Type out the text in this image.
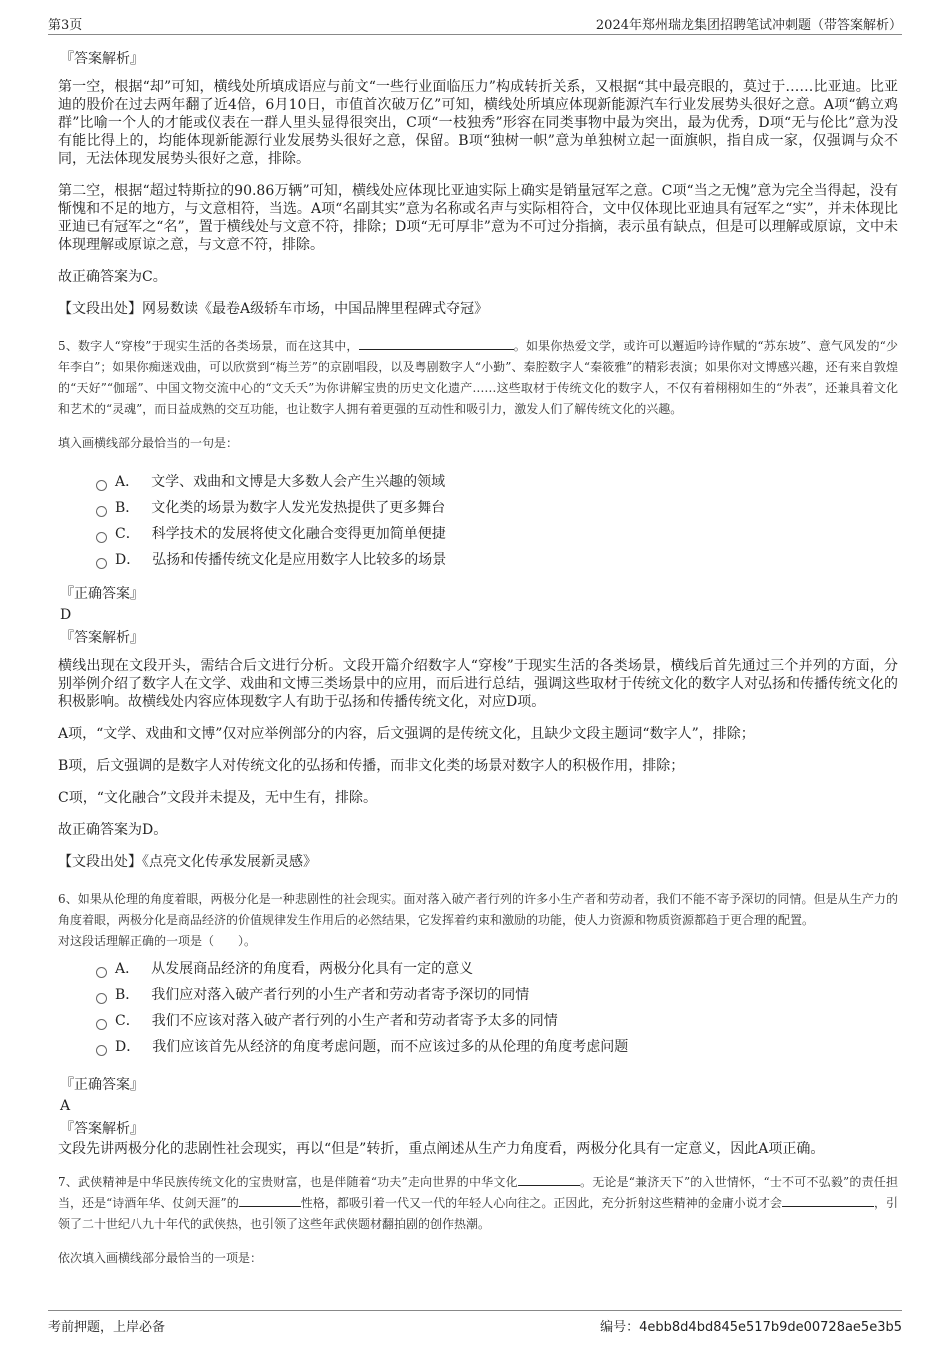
第3页	2024年郑州瑞龙集团招聘笔试冲刺题（带答案解析）
『答案解析』

第一空，根据“却”可知，横线处所填成语应与前文“一些行业面临压力”构成转折关系，又根据“其中最亮眼的，莫过于……比亚迪。比亚迪的股价在过去两年翻了近4倍，6月10日，市值首次破万亿”可知，横线处所填应体现新能源汽车行业发展势头很好之意。A项“鹤立鸡群”比喻一个人的才能或仪表在一群人里头显得很突出，C项“一枝独秀”形容在同类事物中最为突出，最为优秀，D项“无与伦比”意为没有能比得上的，均能体现新能源行业发展势头很好之意，保留。B项“独树一帜”意为单独树立起一面旗帜，指自成一家，仅强调与众不同，无法体现发展势头很好之意，排除。

第二空，根据“超过特斯拉的90.86万辆”可知，横线处应体现比亚迪实际上确实是销量冠军之意。C项“当之无愧”意为完全当得起，没有惭愧和不足的地方，与文意相符，当选。A项“名副其实”意为名称或名声与实际相符合，文中仅体现比亚迪具有冠军之“实”，并未体现比亚迪已有冠军之“名”，置于横线处与文意不符，排除；D项“无可厚非”意为不可过分指摘，表示虽有缺点，但是可以理解或原谅，文中未体现理解或原谅之意，与文意不符，排除。

故正确答案为C。

【文段出处】网易数读《最卷A级轿车市场，中国品牌里程碑式夺冠》

5、数字人“穿梭”于现实生活的各类场景，而在这其中，	。如果你热爱文学，或许可以邂逅吟诗作赋的“苏东坡”、意气风发的“少年李白”；如果你痴迷戏曲，可以欣赏到“梅兰芳”的京剧唱段，以及粤剧数字人“小勤”、秦腔数字人“秦筱雅”的精彩表演；如果你对文博感兴趣，还有来自敦煌的“天好”“伽瑶”、中国文物交流中心的“文夭夭”为你讲解宝贵的历史文化遗产……这些取材于传统文化的数字人，不仅有着栩栩如生的“外表”，还兼具着文化和艺术的“灵魂”，而日益成熟的交互功能，也让数字人拥有着更强的互动性和吸引力，激发人们了解传统文化的兴趣。
填入画横线部分最恰当的一句是：
A． 文学、戏曲和文博是大多数人会产生兴趣的领域
B． 文化类的场景为数字人发光发热提供了更多舞台
C． 科学技术的发展将使文化融合变得更加简单便捷
D． 弘扬和传播传统文化是应用数字人比较多的场景
『正确答案』
D
『答案解析』

横线出现在文段开头，需结合后文进行分析。文段开篇介绍数字人“穿梭”于现实生活的各类场景，横线后首先通过三个并列的方面，分别举例介绍了数字人在文学、戏曲和文博三类场景中的应用，而后进行总结，强调这些取材于传统文化的数字人对弘扬和传播传统文化的积极影响。故横线处内容应体现数字人有助于弘扬和传播传统文化，对应D项。

A项，“文学、戏曲和文博”仅对应举例部分的内容，后文强调的是传统文化，且缺少文段主题词“数字人”，排除；

B项，后文强调的是数字人对传统文化的弘扬和传播，而非文化类的场景对数字人的积极作用，排除；

C项，“文化融合”文段并未提及，无中生有，排除。

故正确答案为D。

【文段出处】《点亮文化传承发展新灵感》

6、如果从伦理的角度着眼，两极分化是一种悲剧性的社会现实。面对落入破产者行列的许多小生产者和劳动者，我们不能不寄予深切的同情。但是从生产力的角度着眼，两极分化是商品经济的价值规律发生作用后的必然结果，它发挥着约束和激励的功能，使人力资源和物质资源都趋于更合理的配置。
对这段话理解正确的一项是（　　）。
A． 从发展商品经济的角度看，两极分化具有一定的意义
B． 我们应对落入破产者行列的小生产者和劳动者寄予深切的同情
C． 我们不应该对落入破产者行列的小生产者和劳动者寄予太多的同情
D． 我们应该首先从经济的角度考虑问题，而不应该过多的从伦理的角度考虑问题
『正确答案』
A
『答案解析』

文段先讲两极分化的悲剧性社会现实，再以“但是”转折，重点阐述从生产力角度看，两极分化具有一定意义，因此A项正确。

7、武侠精神是中华民族传统文化的宝贵财富，也是伴随着“功夫”走向世界的中华文化	。无论是“兼济天下”的入世情怀，“士不可不弘毅”的责任担当，还是“诗酒年华、仗剑天涯”的	性格，都吸引着一代又一代的年轻人心向往之。正因此，充分折射这些精神的金庸小说才会	，引领了二十世纪八九十年代的武侠热，也引领了这些年武侠题材翻拍剧的创作热潮。
依次填入画横线部分最恰当的一项是：
考前押题，上岸必备	编号：4ebb8d4bd845e517b9de00728ae5e3b5
